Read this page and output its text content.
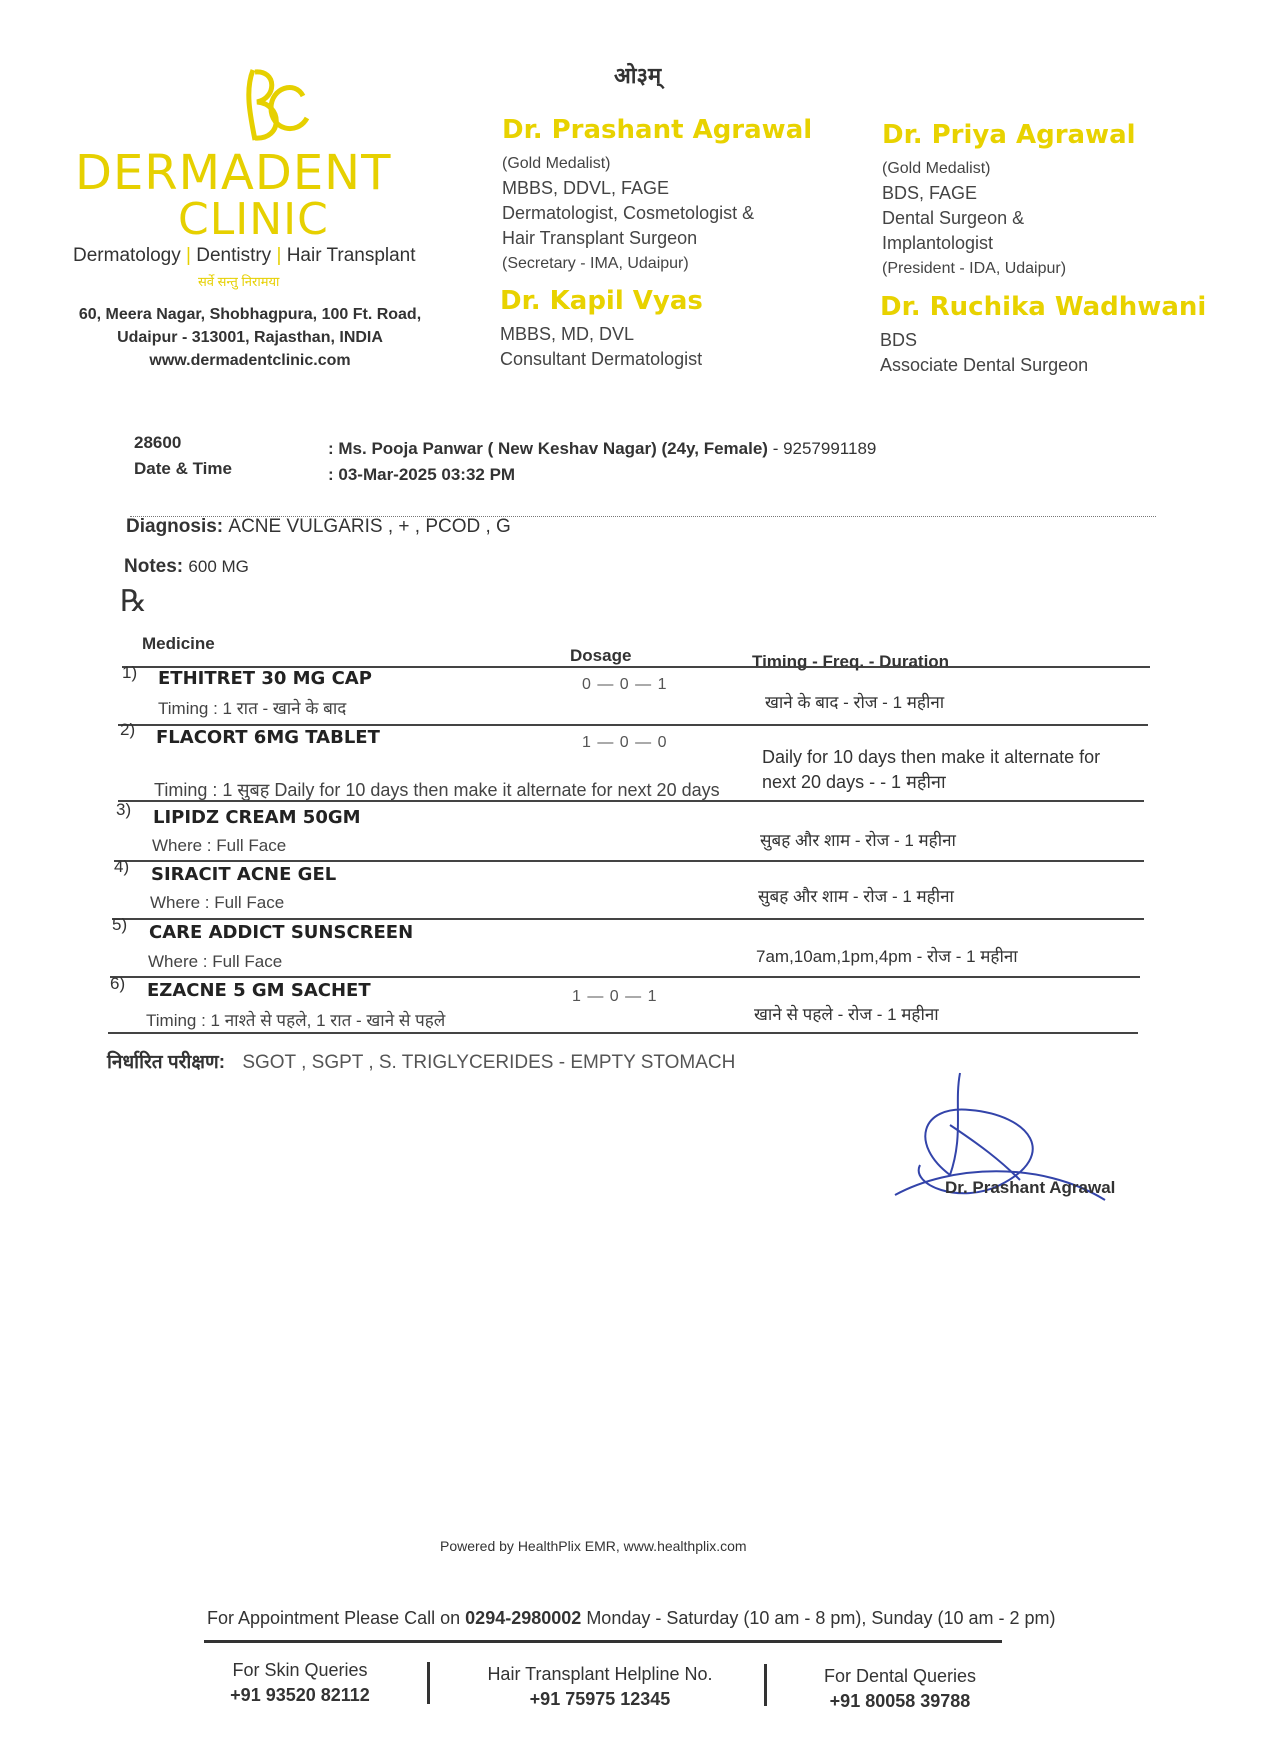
ओ३म्
DERMADENT
CLINIC
Dermatology | Dentistry | Hair Transplant
सर्वे सन्तु निरामया
60, Meera Nagar, Shobhagpura, 100 Ft. Road,
Udaipur - 313001, Rajasthan, INDIA
www.dermadentclinic.com
Dr. Prashant Agrawal
(Gold Medalist)
MBBS, DDVL, FAGE
Dermatologist, Cosmetologist &
Hair Transplant Surgeon
(Secretary - IMA, Udaipur)
Dr. Priya Agrawal
(Gold Medalist)
BDS, FAGE
Dental Surgeon &
Implantologist
(President - IDA, Udaipur)
Dr. Kapil Vyas
MBBS, MD, DVL
Consultant Dermatologist
Dr. Ruchika Wadhwani
BDS
Associate Dental Surgeon
28600
Date & Time
: Ms. Pooja Panwar ( New Keshav Nagar) (24y, Female) - 9257991189
: 03-Mar-2025 03:32 PM
Diagnosis: ACNE VULGARIS , + , PCOD , G
Notes: 600 MG
℞
Medicine
Dosage	Timing - Freq. - Duration
1) ETHITRET 30 MG CAP	0 — 0 — 1
खाने के बाद - रोज - 1 महीना
Timing : 1 रात - खाने के बाद
2) FLACORT 6MG TABLET	1 — 0 — 0
Daily for 10 days then make it alternate for
next 20 days - - 1 महीना
Timing : 1 सुबह Daily for 10 days then make it alternate for next 20 days
3) LIPIDZ CREAM 50GM
सुबह और शाम - रोज - 1 महीना
Where : Full Face
4) SIRACIT ACNE GEL
सुबह और शाम - रोज - 1 महीना
Where : Full Face
5) CARE ADDICT SUNSCREEN
7am,10am,1pm,4pm - रोज - 1 महीना
Where : Full Face
6) EZACNE 5 GM SACHET	1 — 0 — 1
खाने से पहले - रोज - 1 महीना
Timing : 1 नाश्ते से पहले, 1 रात - खाने से पहले
निर्धारित परीक्षण: SGOT , SGPT , S. TRIGLYCERIDES - EMPTY STOMACH
Dr. Prashant Agrawal
Powered by HealthPlix EMR, www.healthplix.com
For Appointment Please Call on 0294-2980002 Monday - Saturday (10 am - 8 pm), Sunday (10 am - 2 pm)
For Skin Queries
+91 93520 82112
Hair Transplant Helpline No.
+91 75975 12345
For Dental Queries
+91 80058 39788
